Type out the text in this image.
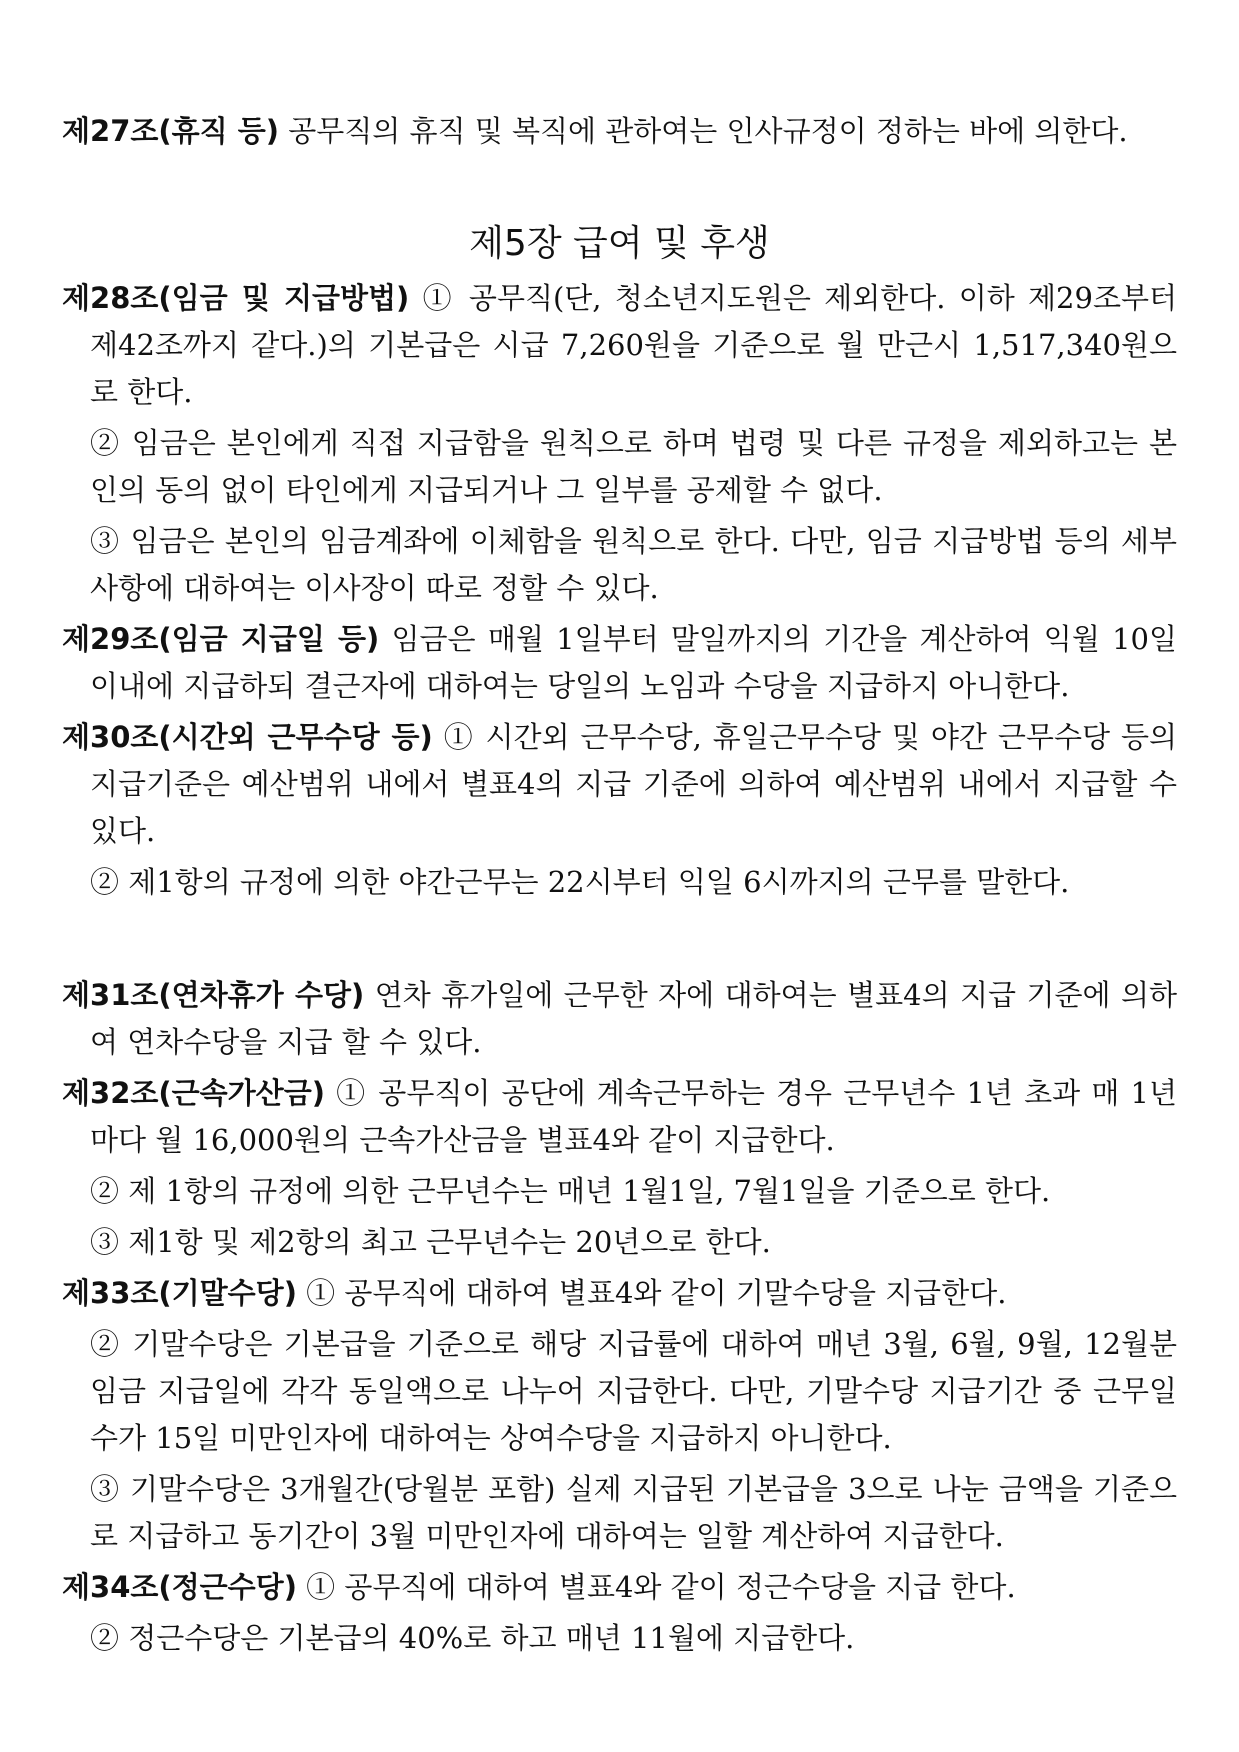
제27조(휴직 등) 공무직의 휴직 및 복직에 관하여는 인사규정이 정하는 바에 의한다.

제5장 급여 및 후생

제28조(임금 및 지급방법) ① 공무직(단, 청소년지도원은 제외한다. 이하 제29조부터 제42조까지 같다.)의 기본급은 시급 7,260원을 기준으로 월 만근시 1,517,340원으로 한다.

② 임금은 본인에게 직접 지급함을 원칙으로 하며 법령 및 다른 규정을 제외하고는 본인의 동의 없이 타인에게 지급되거나 그 일부를 공제할 수 없다.

③ 임금은 본인의 임금계좌에 이체함을 원칙으로 한다. 다만, 임금 지급방법 등의 세부 사항에 대하여는 이사장이 따로 정할 수 있다.

제29조(임금 지급일 등) 임금은 매월 1일부터 말일까지의 기간을 계산하여 익월 10일 이내에 지급하되 결근자에 대하여는 당일의 노임과 수당을 지급하지 아니한다.

제30조(시간외 근무수당 등) ① 시간외 근무수당, 휴일근무수당 및 야간 근무수당 등의 지급기준은 예산범위 내에서 별표4의 지급 기준에 의하여 예산범위 내에서 지급할 수 있다.

② 제1항의 규정에 의한 야간근무는 22시부터 익일 6시까지의 근무를 말한다.

제31조(연차휴가 수당) 연차 휴가일에 근무한 자에 대하여는 별표4의 지급 기준에 의하여 연차수당을 지급 할 수 있다.

제32조(근속가산금) ① 공무직이 공단에 계속근무하는 경우 근무년수 1년 초과 매 1년마다 월 16,000원의 근속가산금을 별표4와 같이 지급한다.

② 제 1항의 규정에 의한 근무년수는 매년 1월1일, 7월1일을 기준으로 한다.

③ 제1항 및 제2항의 최고 근무년수는 20년으로 한다.

제33조(기말수당) ① 공무직에 대하여 별표4와 같이 기말수당을 지급한다.

② 기말수당은 기본급을 기준으로 해당 지급률에 대하여 매년 3월, 6월, 9월, 12월분 임금 지급일에 각각 동일액으로 나누어 지급한다. 다만, 기말수당 지급기간 중 근무일수가 15일 미만인자에 대하여는 상여수당을 지급하지 아니한다.

③ 기말수당은 3개월간(당월분 포함) 실제 지급된 기본급을 3으로 나눈 금액을 기준으로 지급하고 동기간이 3월 미만인자에 대하여는 일할 계산하여 지급한다.

제34조(정근수당) ① 공무직에 대하여 별표4와 같이 정근수당을 지급 한다.

② 정근수당은 기본급의 40%로 하고 매년 11월에 지급한다.
